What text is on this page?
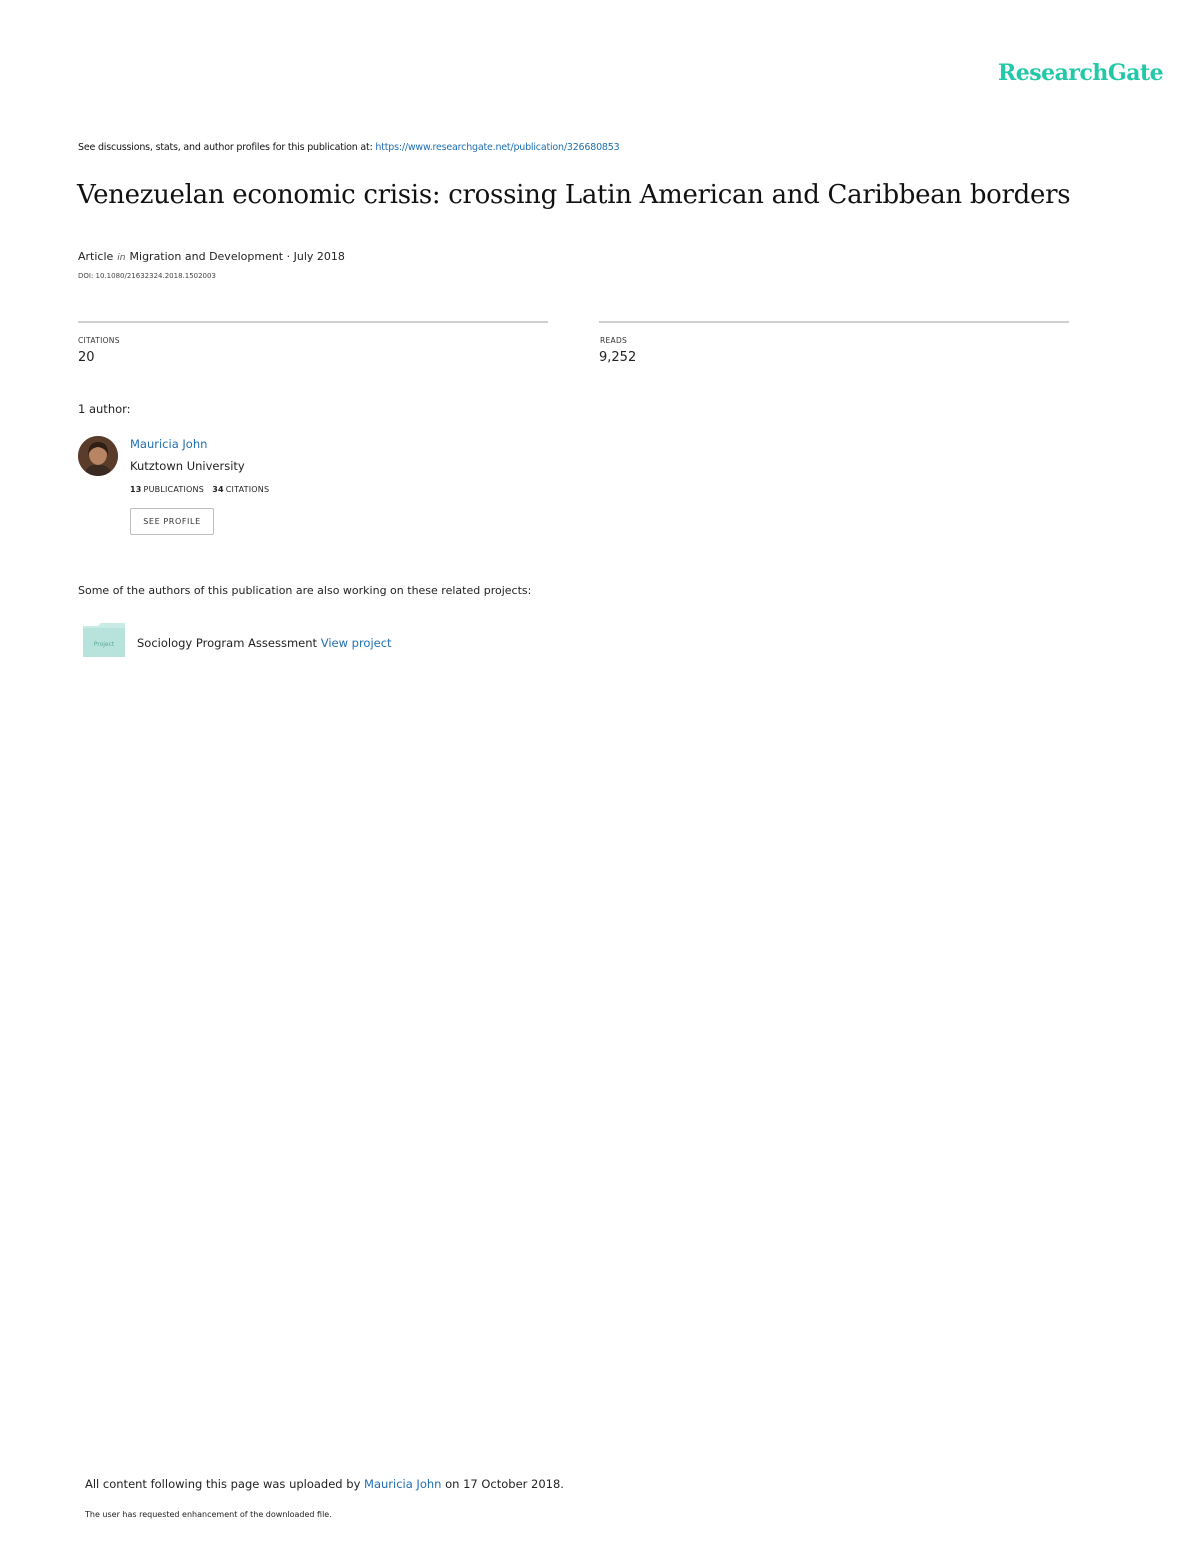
ResearchGate
See discussions, stats, and author profiles for this publication at: https://www.researchgate.net/publication/326680853
Venezuelan economic crisis: crossing Latin American and Caribbean borders
Article in Migration and Development · July 2018
DOI: 10.1080/21632324.2018.1502003
CITATIONS
20
READS
9,252
1 author:
Mauricia John
Kutztown University
13 PUBLICATIONS 34 CITATIONS
SEE PROFILE
Some of the authors of this publication are also working on these related projects:
Project Sociology Program Assessment View project
All content following this page was uploaded by Mauricia John on 17 October 2018.
The user has requested enhancement of the downloaded file.
